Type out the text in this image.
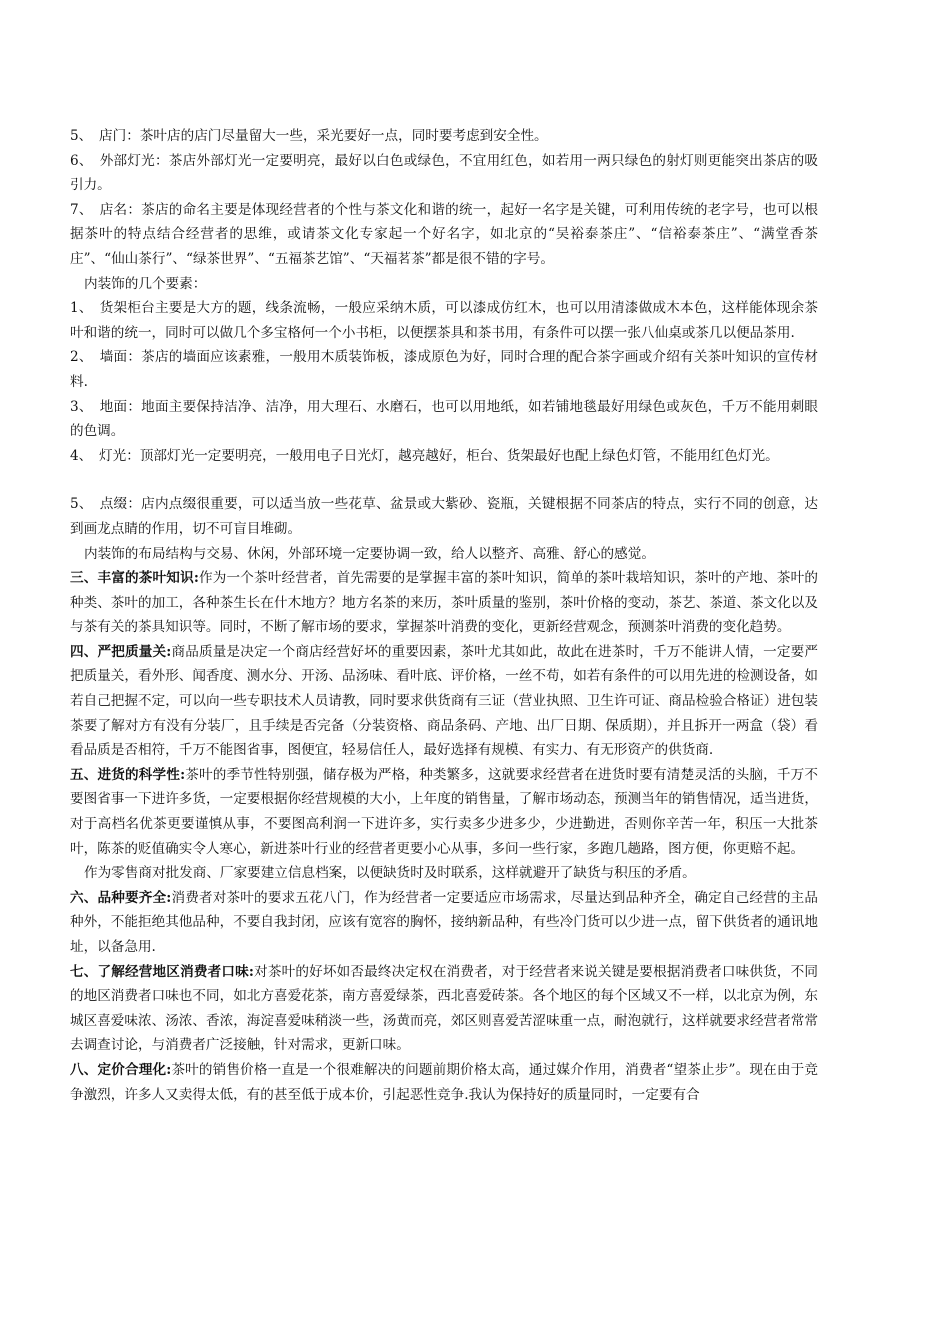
5、　店门：茶叶店的店门尽量留大一些，采光要好一点，同时要考虑到安全性。

6、　外部灯光：茶店外部灯光一定要明亮，最好以白色或绿色，不宜用红色，如若用一两只绿色的射灯则更能突出茶店的吸引力。

7、　店名：茶店的命名主要是体现经营者的个性与茶文化和谐的统一，起好一名字是关键，可利用传统的老字号，也可以根据茶叶的特点结合经营者的思维，或请茶文化专家起一个好名字，如北京的“吴裕泰茶庄”、“信裕泰茶庄”、“满堂香茶庄”、“仙山茶行”、“绿茶世界”、“五福茶艺馆”、“天福茗茶”都是很不错的字号。

内装饰的几个要素：

1、　货架柜台主要是大方的题，线条流畅，一般应采纳木质，可以漆成仿红木，也可以用清漆做成木本色，这样能体现余茶叶和谐的统一，同时可以做几个多宝格何一个小书柜，以便摆茶具和茶书用，有条件可以摆一张八仙桌或茶几以便品茶用.

2、　墙面：茶店的墙面应该素雅，一般用木质装饰板，漆成原色为好，同时合理的配合茶字画或介绍有关茶叶知识的宣传材料.

3、　地面：地面主要保持洁净、洁净，用大理石、水磨石，也可以用地纸，如若铺地毯最好用绿色或灰色，千万不能用刺眼的色调。

4、　灯光：顶部灯光一定要明亮，一般用电子日光灯，越亮越好，柜台、货架最好也配上绿色灯管，不能用红色灯光。

5、　点缀：店内点缀很重要，可以适当放一些花草、盆景或大紫砂、瓷瓶，关键根据不同茶店的特点，实行不同的创意，达到画龙点睛的作用，切不可盲目堆砌。

内装饰的布局结构与交易、休闲，外部环境一定要协调一致，给人以整齐、高雅、舒心的感觉。

三、丰富的茶叶知识:作为一个茶叶经营者，首先需要的是掌握丰富的茶叶知识，简单的茶叶栽培知识，茶叶的产地、茶叶的种类、茶叶的加工，各种茶生长在什木地方？地方名茶的来历，茶叶质量的鉴别，茶叶价格的变动，茶艺、茶道、茶文化以及与茶有关的茶具知识等。同时，不断了解市场的要求，掌握茶叶消费的变化，更新经营观念，预测茶叶消费的变化趋势。

四、严把质量关:商品质量是决定一个商店经营好坏的重要因素，茶叶尤其如此，故此在进茶时，千万不能讲人情，一定要严把质量关，看外形、闻香度、测水分、开汤、品汤味、看叶底、评价格，一丝不苟，如若有条件的可以用先进的检测设备，如若自己把握不定，可以向一些专职技术人员请教，同时要求供货商有三证（营业执照、卫生许可证、商品检验合格证）进包装茶要了解对方有没有分装厂，且手续是否完备（分装资格、商品条码、产地、出厂日期、保质期），并且拆开一两盒（袋）看看品质是否相符，千万不能图省事，图便宜，轻易信任人，最好选择有规模、有实力、有无形资产的供货商.

五、进货的科学性:茶叶的季节性特别强，储存极为严格，种类繁多，这就要求经营者在进货时要有清楚灵活的头脑，千万不要图省事一下进许多货，一定要根据你经营规模的大小，上年度的销售量，了解市场动态，预测当年的销售情况，适当进货，对于高档名优茶更要谨慎从事，不要图高利润一下进许多，实行卖多少进多少，少进勤进，否则你辛苦一年，积压一大批茶叶，陈茶的贬值确实令人寒心，新进茶叶行业的经营者更要小心从事，多问一些行家，多跑几趟路，图方便，你更赔不起。

作为零售商对批发商、厂家要建立信息档案，以便缺货时及时联系，这样就避开了缺货与积压的矛盾。

六、品种要齐全:消费者对茶叶的要求五花八门，作为经营者一定要适应市场需求，尽量达到品种齐全，确定自己经营的主品种外，不能拒绝其他品种，不要自我封闭，应该有宽容的胸怀，接纳新品种，有些冷门货可以少进一点，留下供货者的通讯地址，以备急用.

七、了解经营地区消费者口味:对茶叶的好坏如否最终决定权在消费者，对于经营者来说关键是要根据消费者口味供货，不同的地区消费者口味也不同，如北方喜爱花茶，南方喜爱绿茶，西北喜爱砖茶。各个地区的每个区域又不一样，以北京为例，东城区喜爱味浓、汤浓、香浓，海淀喜爱味稍淡一些，汤黄而亮，郊区则喜爱苦涩味重一点，耐泡就行，这样就要求经营者常常去调查讨论，与消费者广泛接触，针对需求，更新口味。

八、定价合理化:茶叶的销售价格一直是一个很难解决的问题前期价格太高，通过媒介作用，消费者“望茶止步”。现在由于竞争激烈，许多人又卖得太低，有的甚至低于成本价，引起恶性竞争.我认为保持好的质量同时，一定要有合
